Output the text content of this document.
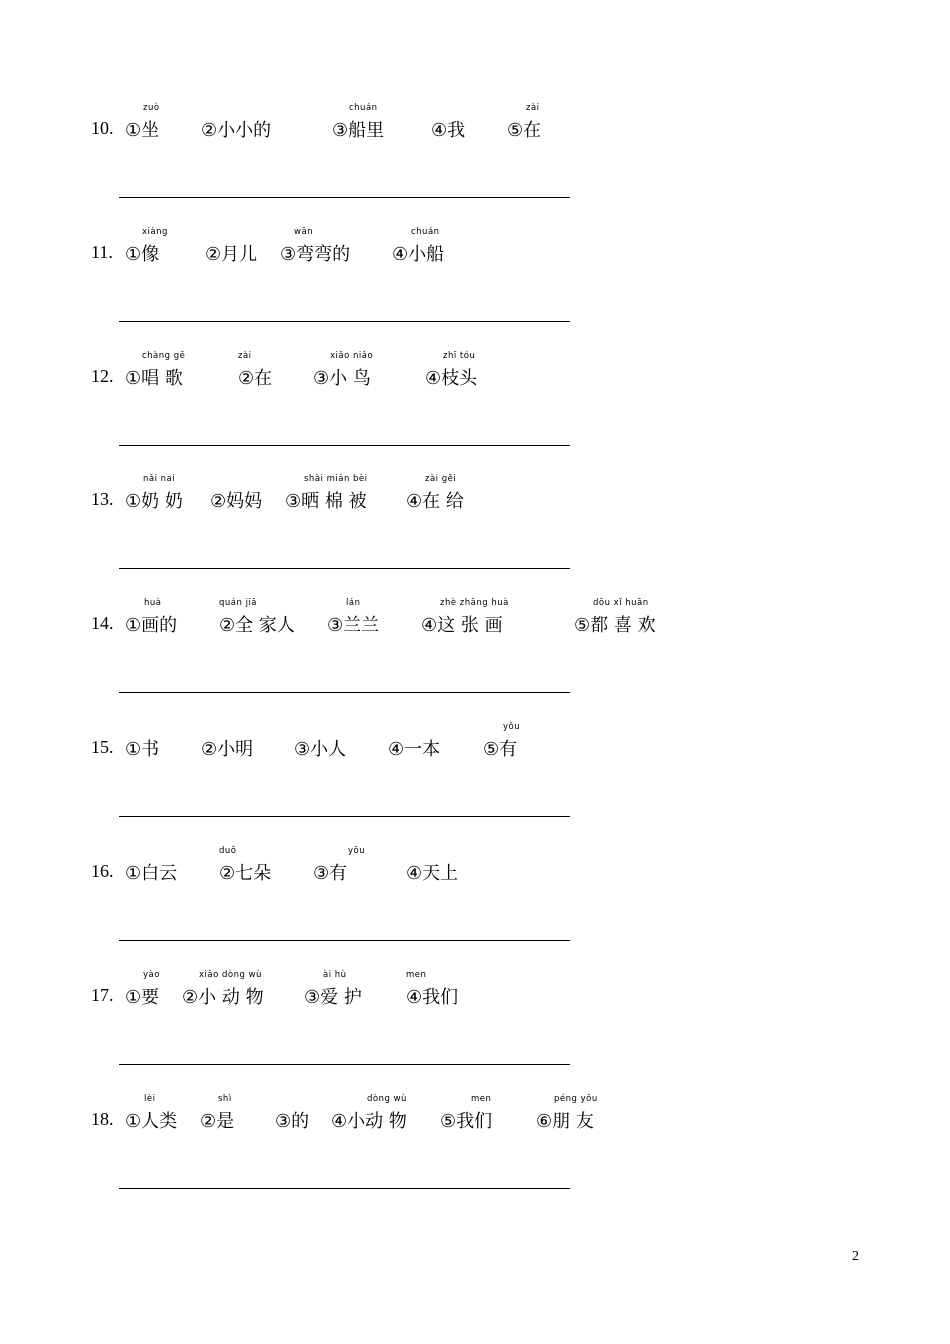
10. ①坐
zuò
②小小的	③船里
chuán
④我 ⑤在
zài
11. ①像
xiàng
②月儿 ③弯弯的
wān
④小船
chuán
12. ①唱 歌
chàng gē
②在
zài
③小 鸟
xiǎo niǎo
④枝头
zhī tóu
13. ①奶 奶
nǎi nai
②妈妈 ③晒 棉 被
shài mián bèi
④在 给
zài gěi
14. ①画的
huà
②全 家人
quán jiā
③兰兰
lán
④这 张 画
zhè zhāng huà
⑤都 喜 欢
dōu xǐ huān
15. ①书 ②小明 ③小人 ④一本 ⑤有
yǒu
16. ①白云 ②七朵
duǒ
③有
yǒu
④天上
17. ①要
yào
②小 动 物
xiǎo dòng wù
③爱 护
ài hù
④我们
men
18. ①人类
lèi
②是
shì
③的 ④小动 物
dòng wù
⑤我们
men
⑥朋 友
péng yǒu
2
